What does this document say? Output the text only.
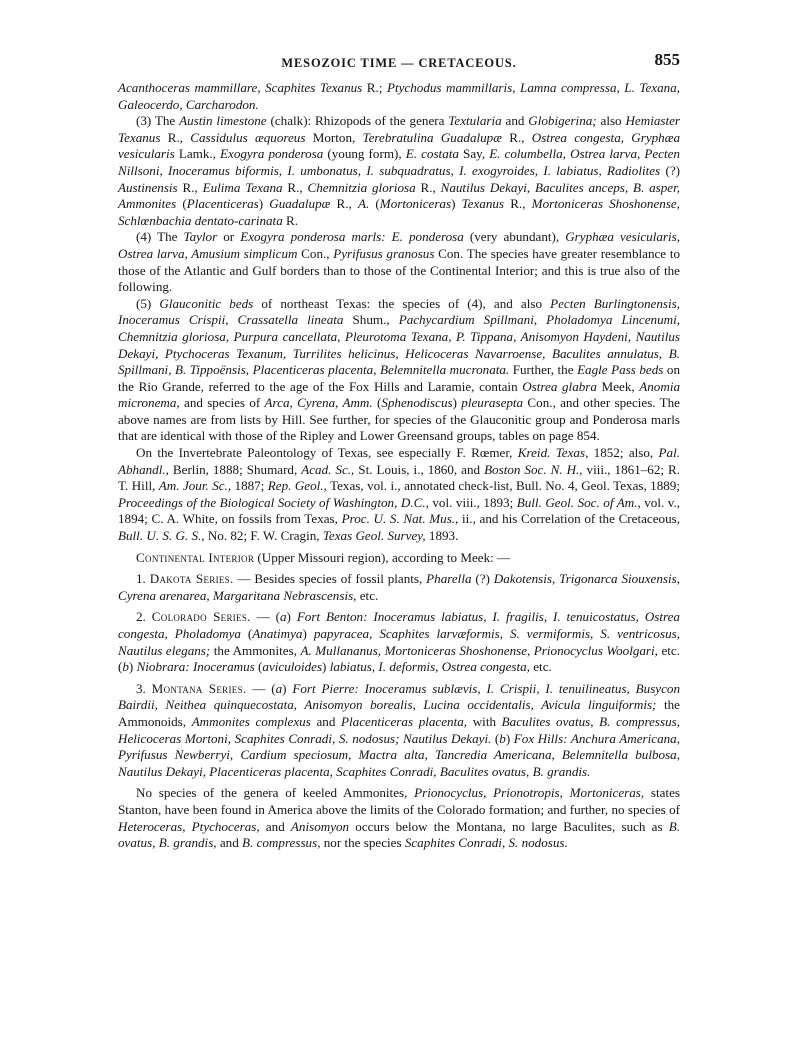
MESOZOIC TIME — CRETACEOUS.	855

Acanthoceras mammillare, Scaphites Texanus R.; Ptychodus mammillaris, Lamna compressa, L. Texana, Galeocerdo, Carcharodon.

(3) The Austin limestone (chalk): Rhizopods of the genera Textularia and Globigerina; also Hemiaster Texanus R., Cassidulus æquoreus Morton, Terebratulina Guadalupæ R., Ostrea congesta, Gryphæa vesicularis Lamk., Exogyra ponderosa (young form), E. costata Say, E. columbella, Ostrea larva, Pecten Nillsoni, Inoceramus biformis, I. umbonatus, I. subquadratus, I. exogyroides, I. labiatus, Radiolites (?) Austinensis R., Eulima Texana R., Chemnitzia gloriosa R., Nautilus Dekayi, Baculites anceps, B. asper, Ammonites (Placenticeras) Guadalupæ R., A. (Mortoniceras) Texanus R., Mortoniceras Shoshonense, Schlœnbachia dentato-carinata R.

(4) The Taylor or Exogyra ponderosa marls: E. ponderosa (very abundant), Gryphæa vesicularis, Ostrea larva, Amusium simplicum Con., Pyrifusus granosus Con. The species have greater resemblance to those of the Atlantic and Gulf borders than to those of the Continental Interior; and this is true also of the following.

(5) Glauconitic beds of northeast Texas: the species of (4), and also Pecten Burlingtonensis, Inoceramus Crispii, Crassatella lineata Shum., Pachycardium Spillmani, Pholadomya Lincenumi, Chemnitzia gloriosa, Purpura cancellata, Pleurotoma Texana, P. Tippana, Anisomyon Haydeni, Nautilus Dekayi, Ptychoceras Texanum, Turrilites helicinus, Helicoceras Navarroense, Baculites annulatus, B. Spillmani, B. Tippoënsis, Placenticeras placenta, Belemnitella mucronata. Further, the Eagle Pass beds on the Rio Grande, referred to the age of the Fox Hills and Laramie, contain Ostrea glabra Meek, Anomia micronema, and species of Arca, Cyrena, Amm. (Sphenodiscus) pleurasepta Con., and other species. The above names are from lists by Hill. See further, for species of the Glauconitic group and Ponderosa marls that are identical with those of the Ripley and Lower Greensand groups, tables on page 854.

On the Invertebrate Paleontology of Texas, see especially F. Rœmer, Kreid. Texas, 1852; also, Pal. Abhandl., Berlin, 1888; Shumard, Acad. Sc., St. Louis, i., 1860, and Boston Soc. N. H., viii., 1861–62; R. T. Hill, Am. Jour. Sc., 1887; Rep. Geol., Texas, vol. i., annotated check-list, Bull. No. 4, Geol. Texas, 1889; Proceedings of the Biological Society of Washington, D.C., vol. viii., 1893; Bull. Geol. Soc. of Am., vol. v., 1894; C. A. White, on fossils from Texas, Proc. U. S. Nat. Mus., ii., and his Correlation of the Cretaceous, Bull. U. S. G. S., No. 82; F. W. Cragin, Texas Geol. Survey, 1893.

Continental Interior (Upper Missouri region), according to Meek: —

1. Dakota Series. — Besides species of fossil plants, Pharella (?) Dakotensis, Trigonarca Siouxensis, Cyrena arenarea, Margaritana Nebrascensis, etc.

2. Colorado Series. — (a) Fort Benton: Inoceramus labiatus, I. fragilis, I. tenuicostatus, Ostrea congesta, Pholadomya (Anatimya) papyracea, Scaphites larvæformis, S. vermiformis, S. ventricosus, Nautilus elegans; the Ammonites, A. Mullananus, Mortoniceras Shoshonense, Prionocyclus Woolgari, etc. (b) Niobrara: Inoceramus (aviculoides) labiatus, I. deformis, Ostrea congesta, etc.

3. Montana Series. — (a) Fort Pierre: Inoceramus sublævis, I. Crispii, I. tenuilineatus, Busycon Bairdii, Neithea quinquecostata, Anisomyon borealis, Lucina occidentalis, Avicula linguiformis; the Ammonoids, Ammonites complexus and Placenticeras placenta, with Baculites ovatus, B. compressus, Helicoceras Mortoni, Scaphites Conradi, S. nodosus; Nautilus Dekayi. (b) Fox Hills: Anchura Americana, Pyrifusus Newberryi, Cardium speciosum, Mactra alta, Tancredia Americana, Belemnitella bulbosa, Nautilus Dekayi, Placenticeras placenta, Scaphites Conradi, Baculites ovatus, B. grandis.

No species of the genera of keeled Ammonites, Prionocyclus, Prionotropis, Mortoniceras, states Stanton, have been found in America above the limits of the Colorado formation; and further, no species of Heteroceras, Ptychoceras, and Anisomyon occurs below the Montana, no large Baculites, such as B. ovatus, B. grandis, and B. compressus, nor the species Scaphites Conradi, S. nodosus.
